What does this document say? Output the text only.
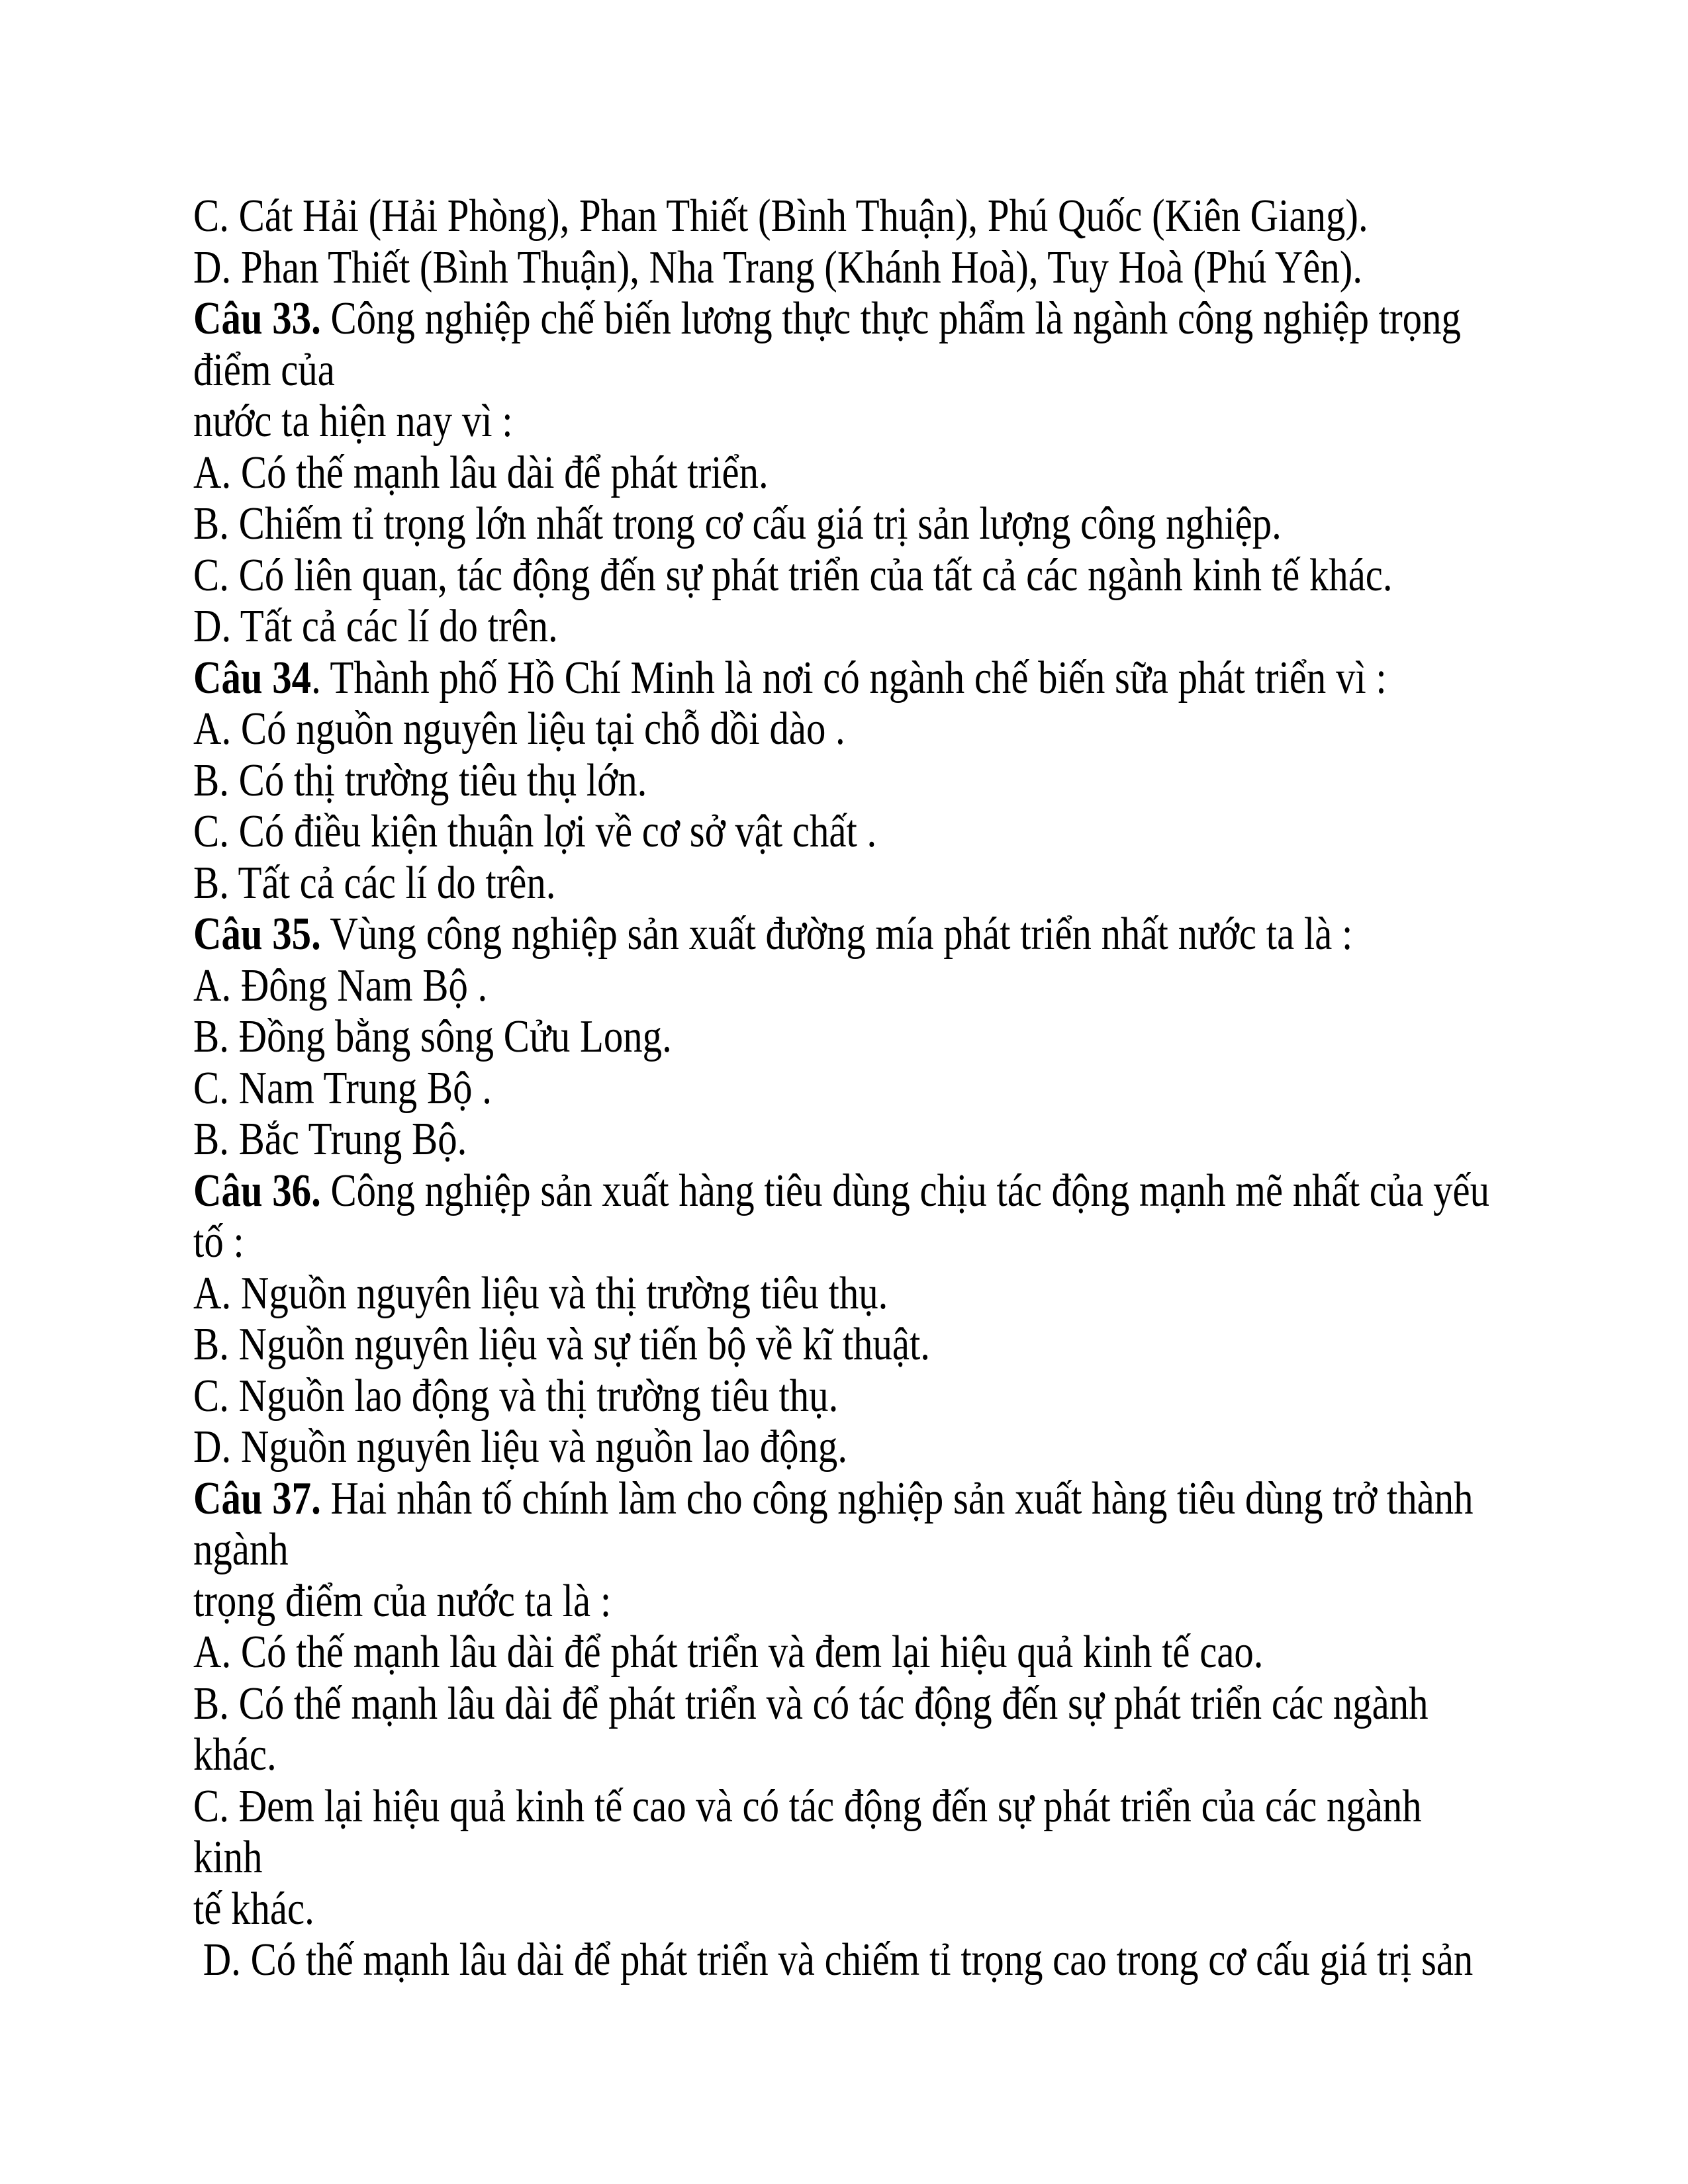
C. Cát Hải (Hải Phòng), Phan Thiết (Bình Thuận), Phú Quốc (Kiên Giang).

D. Phan Thiết (Bình Thuận), Nha Trang (Khánh Hoà), Tuy Hoà (Phú Yên).

Câu 33. Công nghiệp chế biến lương thực thực phẩm là ngành công nghiệp trọng

điểm của

nước ta hiện nay vì :

A. Có thế mạnh lâu dài để phát triển.

B. Chiếm tỉ trọng lớn nhất trong cơ cấu giá trị sản lượng công nghiệp.

C. Có liên quan, tác động đến sự phát triển của tất cả các ngành kinh tế khác.

D. Tất cả các lí do trên.

Câu 34. Thành phố Hồ Chí Minh là nơi có ngành chế biến sữa phát triển vì :

A. Có nguồn nguyên liệu tại chỗ dồi dào .

B. Có thị trường tiêu thụ lớn.

C. Có điều kiện thuận lợi về cơ sở vật chất .

B. Tất cả các lí do trên.

Câu 35. Vùng công nghiệp sản xuất đường mía phát triển nhất nước ta là :

A. Đông Nam Bộ .

B. Đồng bằng sông Cửu Long.

C. Nam Trung Bộ .

B. Bắc Trung Bộ.

Câu 36. Công nghiệp sản xuất hàng tiêu dùng chịu tác động mạnh mẽ nhất của yếu

tố :

A. Nguồn nguyên liệu và thị trường tiêu thụ.

B. Nguồn nguyên liệu và sự tiến bộ về kĩ thuật.

C. Nguồn lao động và thị trường tiêu thụ.

D. Nguồn nguyên liệu và nguồn lao động.

Câu 37. Hai nhân tố chính làm cho công nghiệp sản xuất hàng tiêu dùng trở thành

ngành

trọng điểm của nước ta là :

A. Có thế mạnh lâu dài để phát triển và đem lại hiệu quả kinh tế cao.

B. Có thế mạnh lâu dài để phát triển và có tác động đến sự phát triển các ngành

khác.

C. Đem lại hiệu quả kinh tế cao và có tác động đến sự phát triển của các ngành

kinh

tế khác.

D. Có thế mạnh lâu dài để phát triển và chiếm tỉ trọng cao trong cơ cấu giá trị sản
